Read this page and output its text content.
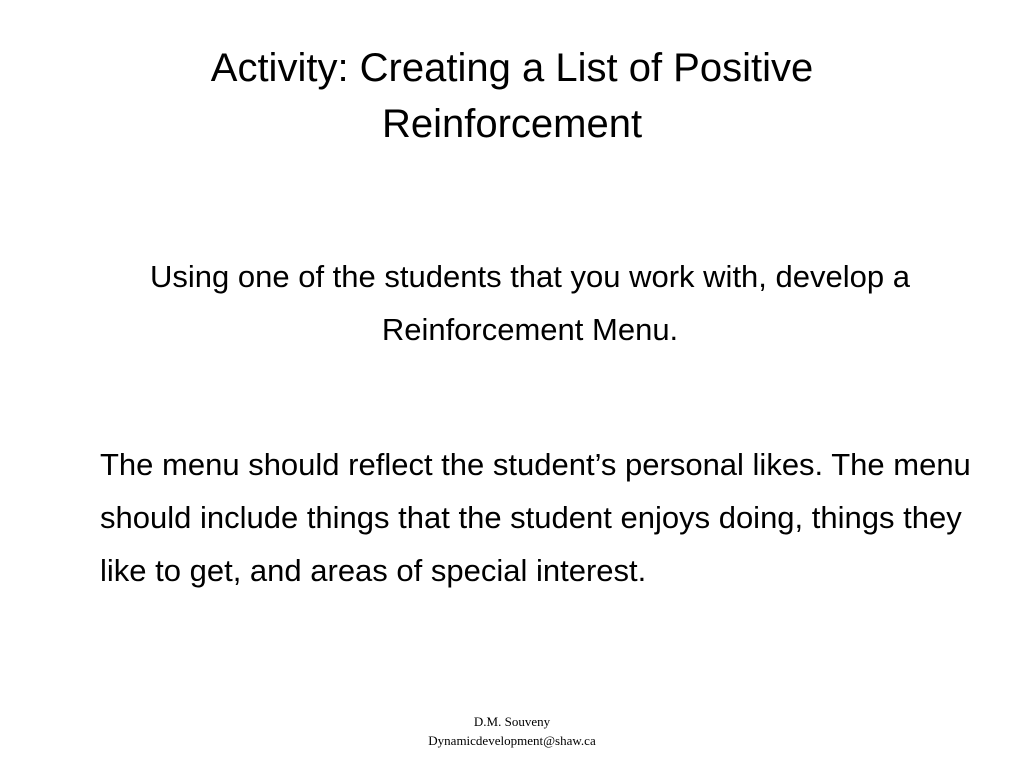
Activity: Creating a List of Positive Reinforcement

Using one of the students that you work with, develop a Reinforcement Menu.

The menu should reflect the student’s personal likes. The menu should include things that the student enjoys doing, things they like to get, and areas of special interest.

D.M. Souveny
Dynamicdevelopment@shaw.ca
